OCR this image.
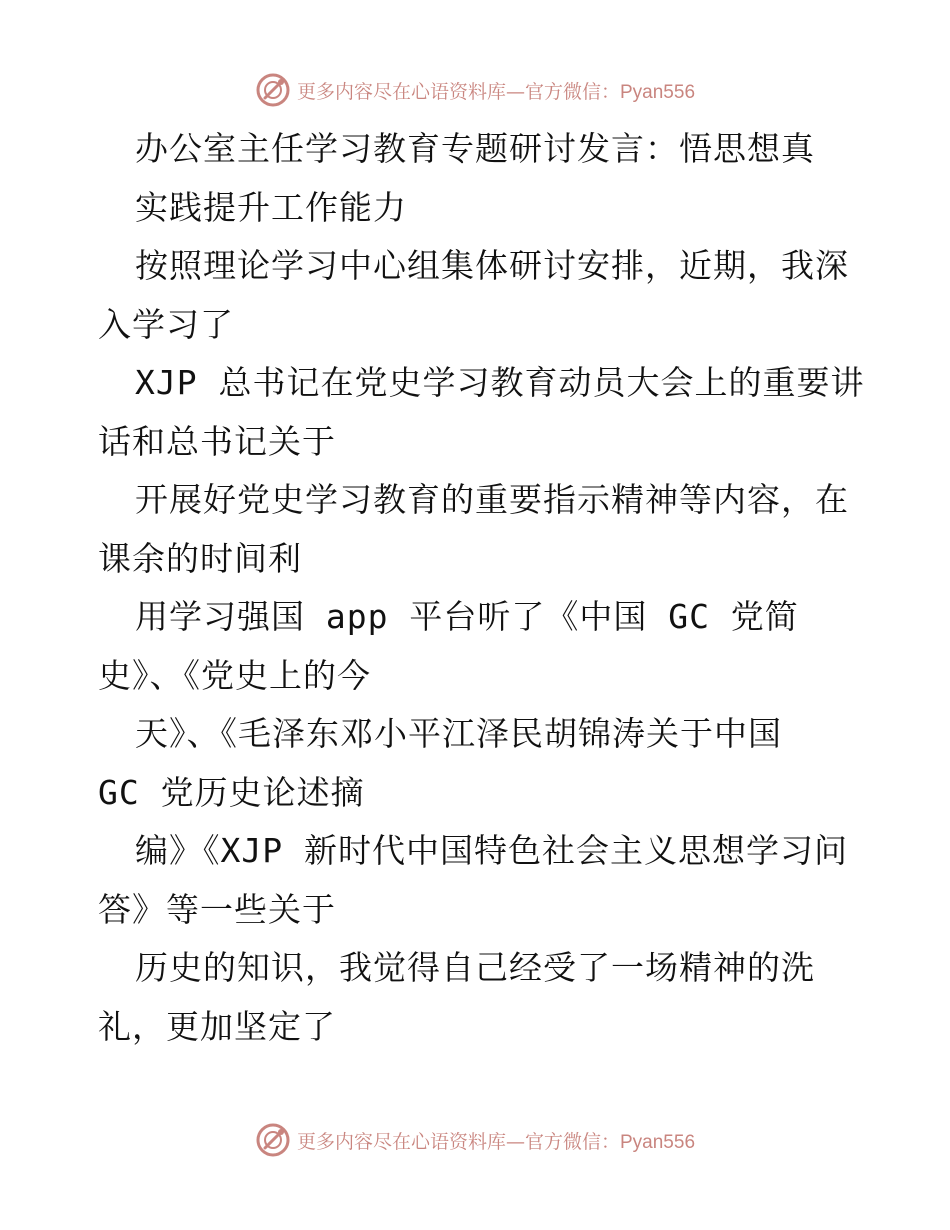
更多内容尽在心语资料库—官方微信：Pyan556
办公室主任学习教育专题研讨发言：悟思想真
实践提升工作能力
按照理论学习中心组集体研讨安排，近期，我深
入学习了
XJP 总书记在党史学习教育动员大会上的重要讲
话和总书记关于
开展好党史学习教育的重要指示精神等内容，在
课余的时间利
用学习强国 app 平台听了《中国 GC 党简
史》、《党史上的今
天》、《毛泽东邓小平江泽民胡锦涛关于中国
GC 党历史论述摘
编》《XJP 新时代中国特色社会主义思想学习问
答》等一些关于
历史的知识，我觉得自己经受了一场精神的洗
礼，更加坚定了
更多内容尽在心语资料库—官方微信：Pyan556
